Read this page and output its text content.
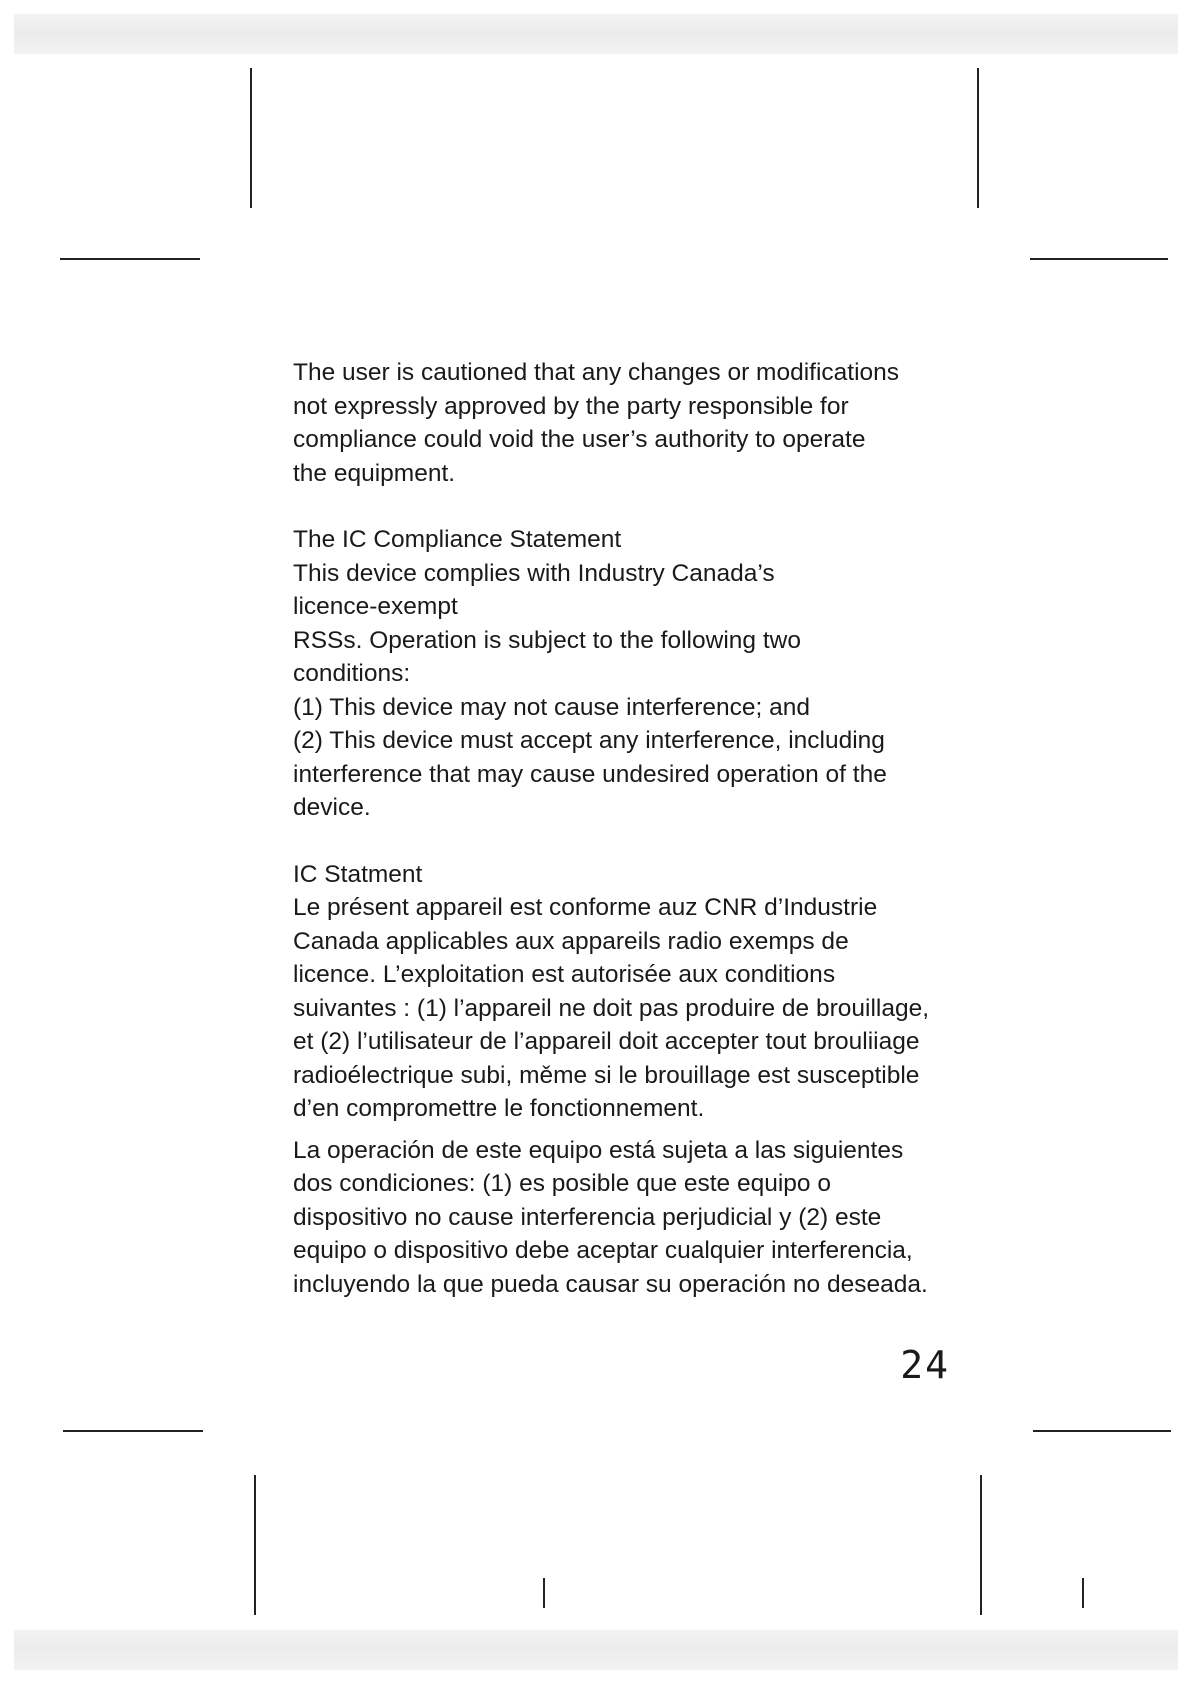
The user is cautioned that any changes or modifications
not expressly approved by the party responsible for
compliance could void the user’s authority to operate
the equipment.
The IC Compliance Statement
This device complies with Industry Canada’s
licence-exempt
RSSs. Operation is subject to the following two
conditions:
(1) This device may not cause interference; and
(2) This device must accept any interference, including
interference that may cause undesired operation of the
device.
IC Statment
Le présent appareil est conforme auz CNR d’Industrie
Canada applicables aux appareils radio exemps de
licence. L’exploitation est autorisée aux conditions
suivantes : (1) l’appareil ne doit pas produire de brouillage,
et (2) l’utilisateur de l’appareil doit accepter tout brouliiage
radioélectrique subi, měme si le brouillage est susceptible
d’en compromettre le fonctionnement.
La operación de este equipo está sujeta a las siguientes
dos condiciones: (1) es posible que este equipo o
dispositivo no cause interferencia perjudicial y (2) este
equipo o dispositivo debe aceptar cualquier interferencia,
incluyendo la que pueda causar su operación no deseada.
24
